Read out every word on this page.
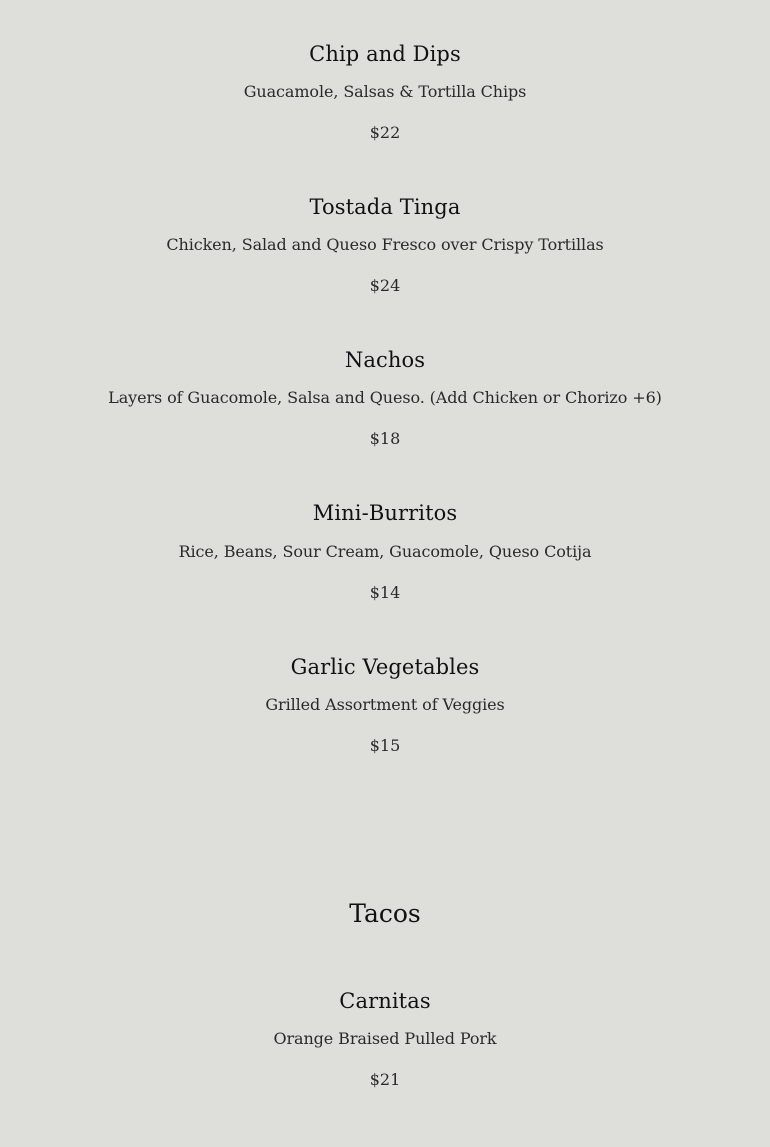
Chip and Dips
Guacamole, Salsas & Tortilla Chips
$22
Tostada Tinga
Chicken, Salad and Queso Fresco over Crispy Tortillas
$24
Nachos
Layers of Guacomole, Salsa and Queso. (Add Chicken or Chorizo +6)
$18
Mini-Burritos
Rice, Beans, Sour Cream, Guacomole, Queso Cotija
$14
Garlic Vegetables
Grilled Assortment of Veggies
$15
Tacos
Carnitas
Orange Braised Pulled Pork
$21
